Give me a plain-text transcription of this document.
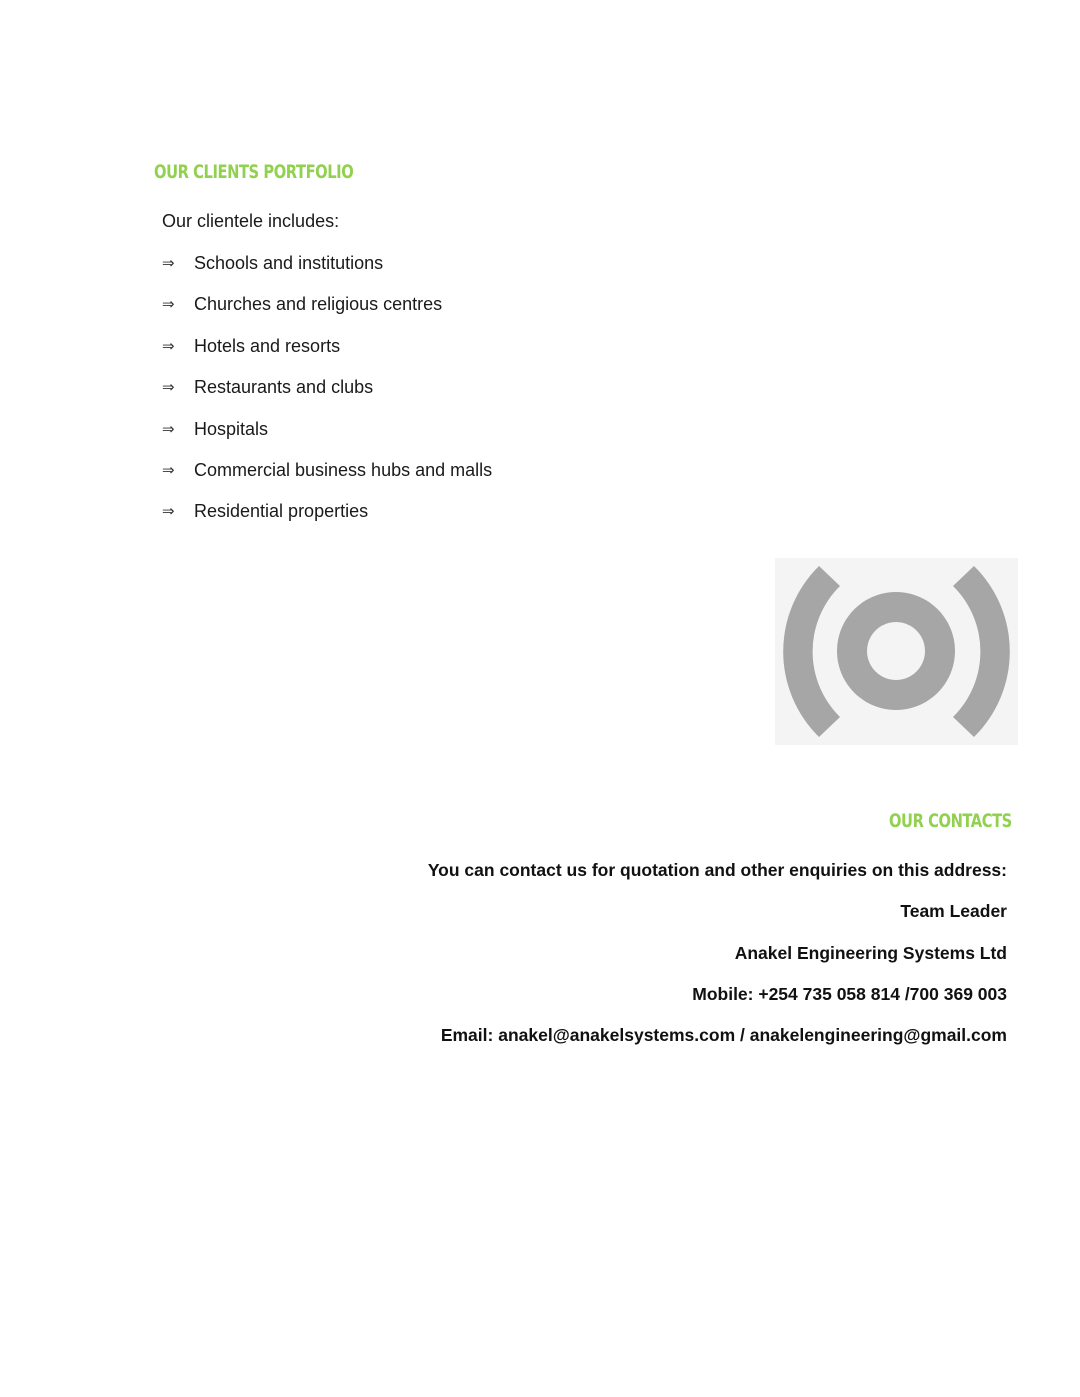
OUR CLIENTS PORTFOLIO
Our clientele includes:
⇒	Schools and institutions
⇒	Churches and religious centres
⇒	Hotels and resorts
⇒	Restaurants and clubs
⇒	Hospitals
⇒	Commercial business hubs and malls
⇒	Residential properties
OUR CONTACTS
You can contact us for quotation and other enquiries on this address:
Team Leader
Anakel Engineering Systems Ltd
Mobile: +254 735 058 814 /700 369 003
Email: anakel@anakelsystems.com / anakelengineering@gmail.com
